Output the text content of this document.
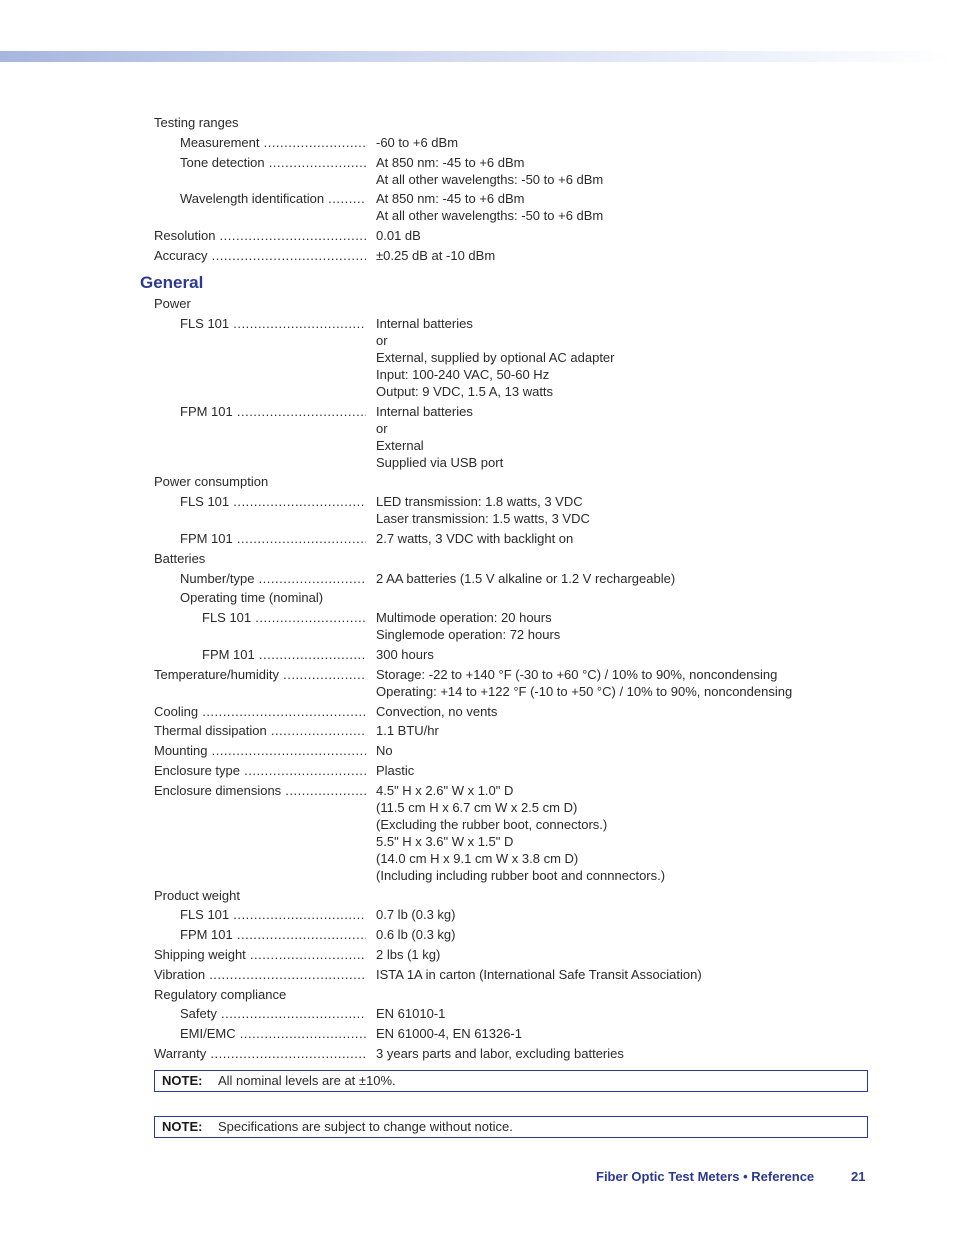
Testing ranges
Measurement .....	-60 to +6 dBm
Tone detection .....	At 850 nm: -45 to +6 dBm
At all other wavelengths: -50 to +6 dBm
Wavelength identification .....	At 850 nm: -45 to +6 dBm
At all other wavelengths: -50 to +6 dBm
Resolution .....	0.01 dB
Accuracy .....	±0.25 dB at -10 dBm
Power
FLS 101 .....	Internal batteries
or
External, supplied by optional AC adapter
Input: 100-240 VAC, 50-60 Hz
Output: 9 VDC, 1.5 A, 13 watts
FPM 101 .....	Internal batteries
or
External
Supplied via USB port
Power consumption
FLS 101 .....	LED transmission: 1.8 watts, 3 VDC
Laser transmission: 1.5 watts, 3 VDC
FPM 101 .....	2.7 watts, 3 VDC with backlight on
Batteries
Number/type .....	2 AA batteries (1.5 V alkaline or 1.2 V rechargeable)
Operating time (nominal)
FLS 101 .....	Multimode operation: 20 hours
Singlemode operation: 72 hours
FPM 101 .....	300 hours
Temperature/humidity .....	Storage: -22 to +140 °F (-30 to +60 °C) / 10% to 90%, noncondensing
Operating: +14 to +122 °F (-10 to +50 °C) / 10% to 90%, noncondensing
Cooling .....	Convection, no vents
Thermal dissipation .....	1.1 BTU/hr
Mounting .....	No
Enclosure type .....	Plastic
Enclosure dimensions .....	4.5" H x 2.6" W x 1.0" D
(11.5 cm H x 6.7 cm W x 2.5 cm D)
(Excluding the rubber boot, connectors.)
5.5" H x 3.6" W x 1.5" D
(14.0 cm H x 9.1 cm W x 3.8 cm D)
(Including including rubber boot and connnectors.)
Product weight
FLS 101 .....	0.7 lb (0.3 kg)
FPM 101 .....	0.6 lb (0.3 kg)
Shipping weight .....	2 lbs (1 kg)
Vibration .....	ISTA 1A in carton (International Safe Transit Association)
Regulatory compliance
Safety .....	EN 61010-1
EMI/EMC .....	EN 61000-4, EN 61326-1
Warranty .....	3 years parts and labor, excluding batteries
General
NOTE: All nominal levels are at ±10%.
NOTE: Specifications are subject to change without notice.
Fiber Optic Test Meters • Reference	21
